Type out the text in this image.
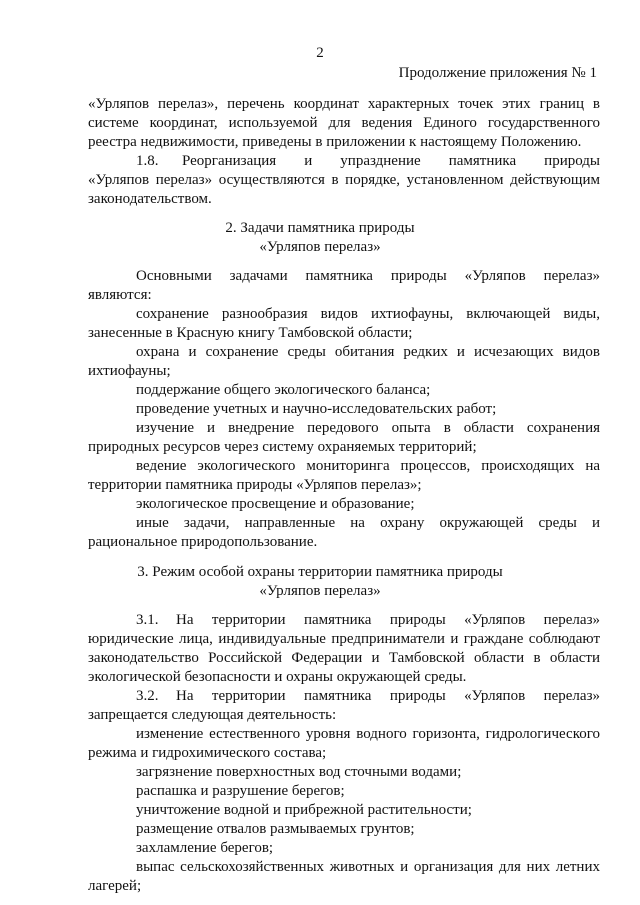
2
Продолжение приложения № 1
«Урляпов перелаз», перечень координат характерных точек этих границ в
системе координат, используемой для ведения Единого государственного
реестра недвижимости, приведены в приложении к настоящему Положению.
1.8. Реорганизация и упразднение памятника природы
«Урляпов перелаз» осуществляются в порядке, установленном действующим
законодательством.
2. Задачи памятника природы
«Урляпов перелаз»
Основными задачами памятника природы «Урляпов перелаз»
являются:
сохранение разнообразия видов ихтиофауны, включающей виды,
занесенные в Красную книгу Тамбовской области;
охрана и сохранение среды обитания редких и исчезающих видов
ихтиофауны;
поддержание общего экологического баланса;
проведение учетных и научно-исследовательских работ;
изучение и внедрение передового опыта в области сохранения
природных ресурсов через систему охраняемых территорий;
ведение экологического мониторинга процессов, происходящих на
территории памятника природы «Урляпов перелаз»;
экологическое просвещение и образование;
иные задачи, направленные на охрану окружающей среды и
рациональное природопользование.
3. Режим особой охраны территории памятника природы
«Урляпов перелаз»
3.1. На территории памятника природы «Урляпов перелаз»
юридические лица, индивидуальные предприниматели и граждане соблюдают
законодательство Российской Федерации и Тамбовской области в области
экологической безопасности и охраны окружающей среды.
3.2. На территории памятника природы «Урляпов перелаз»
запрещается следующая деятельность:
изменение естественного уровня водного горизонта, гидрологического
режима и гидрохимического состава;
загрязнение поверхностных вод сточными водами;
распашка и разрушение берегов;
уничтожение водной и прибрежной растительности;
размещение отвалов размываемых грунтов;
захламление берегов;
выпас сельскохозяйственных животных и организация для них летних
лагерей;
